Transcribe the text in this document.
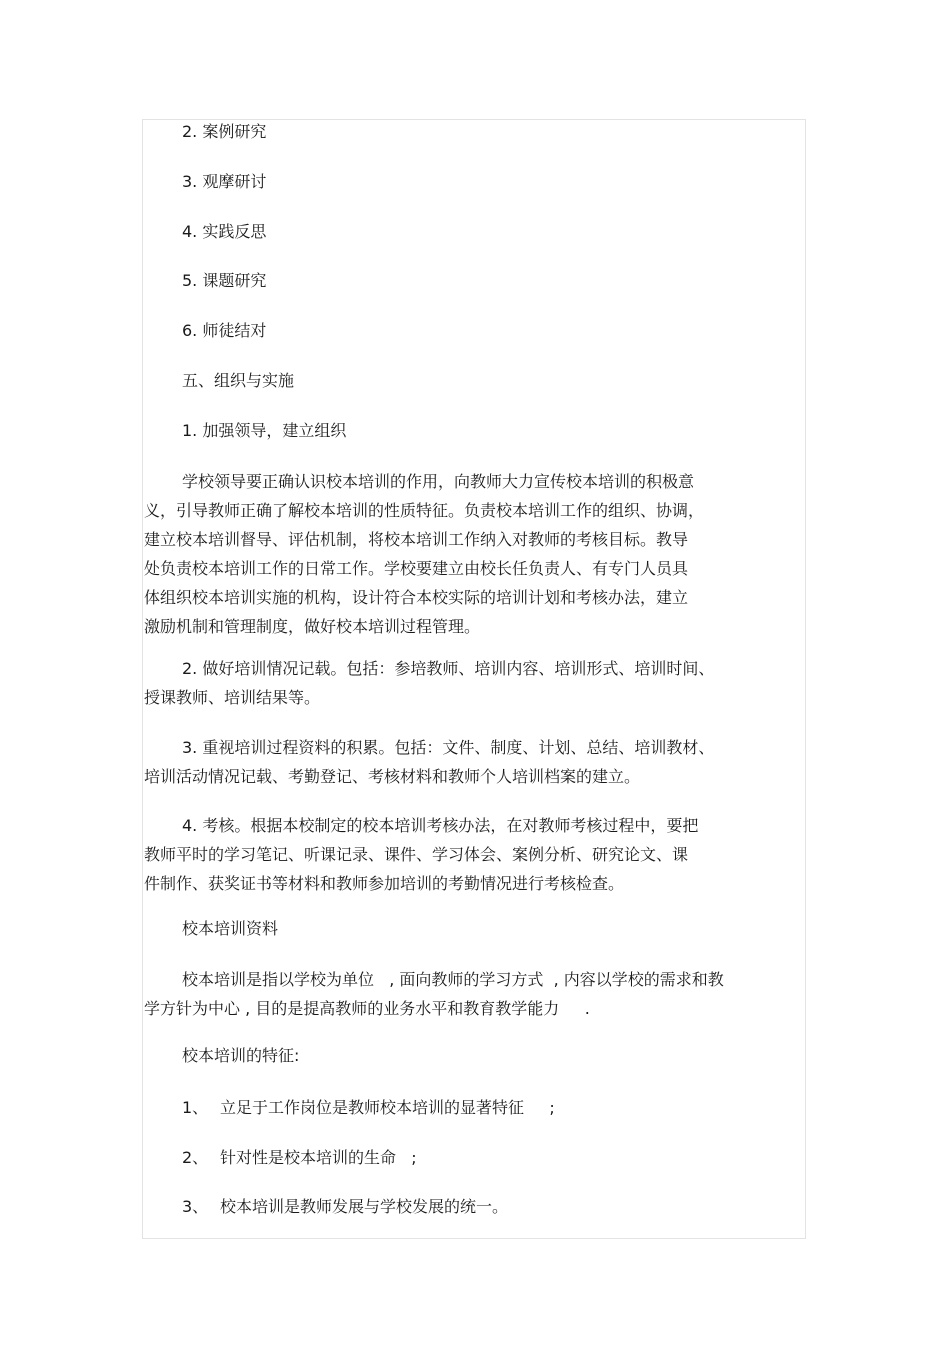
2. 案例研究
3. 观摩研讨
4. 实践反思
5. 课题研究
6. 师徒结对
五、组织与实施
1. 加强领导，建立组织
学校领导要正确认识校本培训的作用，向教师大力宣传校本培训的积极意
义，引导教师正确了解校本培训的性质特征。负责校本培训工作的组织、协调，
建立校本培训督导、评估机制，将校本培训工作纳入对教师的考核目标。教导
处负责校本培训工作的日常工作。学校要建立由校长任负责人、有专门人员具
体组织校本培训实施的机构，设计符合本校实际的培训计划和考核办法，建立
激励机制和管理制度，做好校本培训过程管理。
2. 做好培训情况记载。包括：参培教师、培训内容、培训形式、培训时间、
授课教师、培训结果等。
3. 重视培训过程资料的积累。包括：文件、制度、计划、总结、培训教材、
培训活动情况记载、考勤登记、考核材料和教师个人培训档案的建立。
4. 考核。根据本校制定的校本培训考核办法，在对教师考核过程中，要把
教师平时的学习笔记、听课记录、课件、学习体会、案例分析、研究论文、课
件制作、获奖证书等材料和教师参加培训的考勤情况进行考核检查。
校本培训资料
校本培训是指以学校为单位   , 面向教师的学习方式  , 内容以学校的需求和教
学方针为中心 , 目的是提高教师的业务水平和教育教学能力     .
校本培训的特征:
1、 立足于工作岗位是教师校本培训的显著特征     ;
2、 针对性是校本培训的生命   ;
3、 校本培训是教师发展与学校发展的统一。
